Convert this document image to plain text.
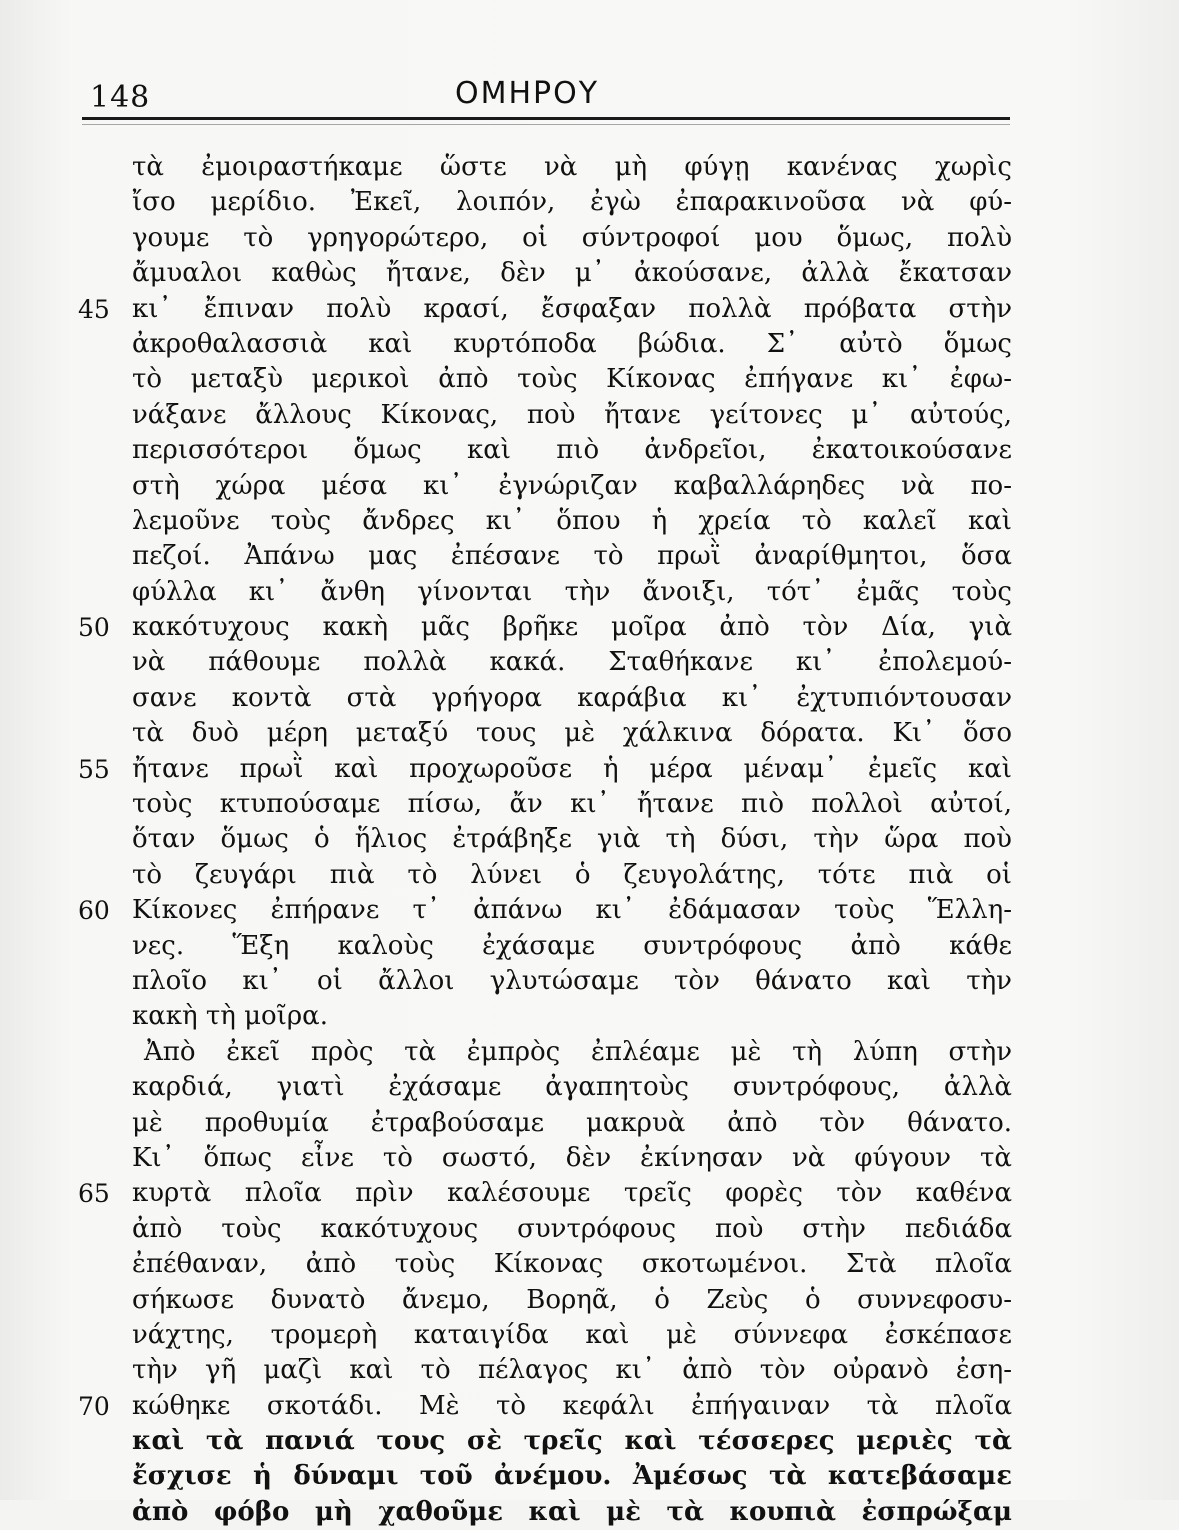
148	ΟΜΗΡΟΥ
τὰ ἐμοιραστήκαμε ὥστε νὰ μὴ φύγῃ κανένας χωρὶς
ἴσο μερίδιο. Ἐκεῖ, λοιπόν, ἐγὼ ἐπαρακινοῦσα νὰ φύ-
γουμε τὸ γρηγορώτερο, οἱ σύντροφοί μου ὅμως, πολὺ
ἄμυαλοι καθὼς ἤτανε, δὲν μ᾿ ἀκούσανε, ἀλλὰ ἔκατσαν
45 κι᾿ ἔπιναν πολὺ κρασί, ἔσφαξαν πολλὰ πρόβατα στὴν
ἀκροθαλασσιὰ καὶ κυρτόποδα βώδια. Σ᾿ αὐτὸ ὅμως
τὸ μεταξὺ μερικοὶ ἀπὸ τοὺς Κίκονας ἐπήγανε κι᾿ ἐφω-
νάξανε ἄλλους Κίκονας, ποὺ ἤτανε γείτονες μ᾿ αὐτούς,
περισσότεροι ὅμως καὶ πιὸ ἀνδρεῖοι, ἐκατοικούσανε
στὴ χώρα μέσα κι᾿ ἐγνώριζαν καβαλλάρηδες νὰ πο-
λεμοῦνε τοὺς ἄνδρες κι᾿ ὅπου ἡ χρεία τὸ καλεῖ καὶ
πεζοί. Ἀπάνω μας ἐπέσανε τὸ πρωῒ ἀναρίθμητοι, ὅσα
φύλλα κι᾿ ἄνθη γίνονται τὴν ἄνοιξι, τότ᾿ ἐμᾶς τοὺς
50 κακότυχους κακὴ μᾶς βρῆκε μοῖρα ἀπὸ τὸν Δία, γιὰ
νὰ πάθουμε πολλὰ κακά. Σταθήκανε κι᾿ ἐπολεμού-
σανε κοντὰ στὰ γρήγορα καράβια κι᾿ ἐχτυπιόντουσαν
τὰ δυὸ μέρη μεταξύ τους μὲ χάλκινα δόρατα. Κι᾿ ὅσο
55 ἤτανε πρωῒ καὶ προχωροῦσε ἡ μέρα μέναμ᾿ ἐμεῖς καὶ
τοὺς κτυπούσαμε πίσω, ἄν κι᾿ ἤτανε πιὸ πολλοὶ αὐτοί,
ὅταν ὅμως ὁ ἥλιος ἐτράβηξε γιὰ τὴ δύσι, τὴν ὥρα ποὺ
τὸ ζευγάρι πιὰ τὸ λύνει ὁ ζευγολάτης, τότε πιὰ οἱ
60 Κίκονες ἐπήρανε τ᾿ ἀπάνω κι᾿ ἐδάμασαν τοὺς Ἕλλη-
νες. Ἕξη καλοὺς ἐχάσαμε συντρόφους ἀπὸ κάθε
πλοῖο κι᾿ οἱ ἄλλοι γλυτώσαμε τὸν θάνατο καὶ τὴν
κακὴ τὴ μοῖρα.
Ἀπὸ ἐκεῖ πρὸς τὰ ἐμπρὸς ἐπλέαμε μὲ τὴ λύπη στὴν
καρδιά, γιατὶ ἐχάσαμε ἀγαπητοὺς συντρόφους, ἀλλὰ
μὲ προθυμία ἐτραβούσαμε μακρυὰ ἀπὸ τὸν θάνατο.
Κι᾿ ὅπως εἶνε τὸ σωστό, δὲν ἐκίνησαν νὰ φύγουν τὰ
65 κυρτὰ πλοῖα πρὶν καλέσουμε τρεῖς φορὲς τὸν καθένα
ἀπὸ τοὺς κακότυχους συντρόφους ποὺ στὴν πεδιάδα
ἐπέθαναν, ἀπὸ τοὺς Κίκονας σκοτωμένοι. Στὰ πλοῖα
σήκωσε δυνατὸ ἄνεμο, Βορηᾶ, ὁ Ζεὺς ὁ συννεφοσυ-
νάχτης, τρομερὴ καταιγίδα καὶ μὲ σύννεφα ἐσκέπασε
τὴν γῆ μαζὶ καὶ τὸ πέλαγος κι᾿ ἀπὸ τὸν οὐρανὸ ἐση-
70 κώθηκε σκοτάδι. Μὲ τὸ κεφάλι ἐπήγαιναν τὰ πλοῖα
καὶ τὰ πανιά τους σὲ τρεῖς καὶ τέσσερες μεριὲς τὰ
ἔσχισε ἡ δύναμι τοῦ ἀνέμου. Ἀμέσως τὰ κατεβάσαμε
ἀπὸ φόβο μὴ χαθοῦμε καὶ μὲ τὰ κουπιὰ ἐσπρώξαμ
